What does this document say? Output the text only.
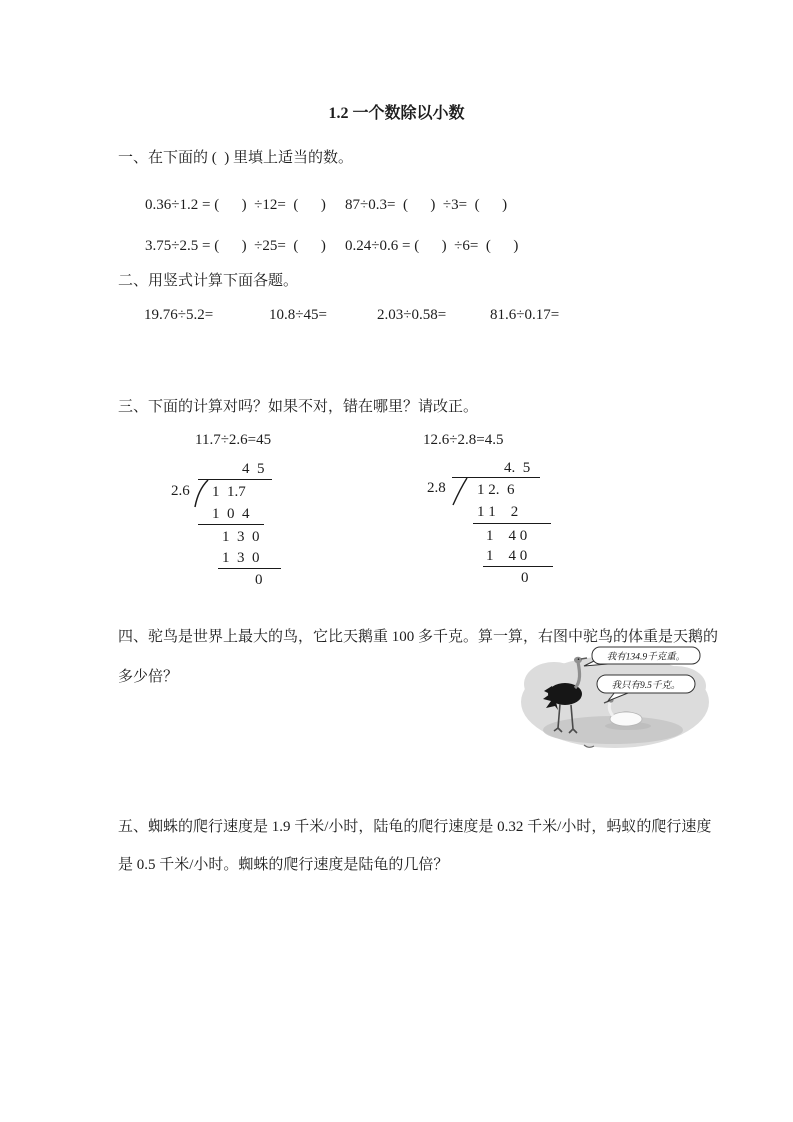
1.2 一个数除以小数
一、在下面的 (  ) 里填上适当的数。
0.36÷1.2 = (      )  ÷12=  (      ) 87÷0.3=  (      )  ÷3=  (      )
3.75÷2.5 = (      )  ÷25=  (      ) 0.24÷0.6 = (      )  ÷6=  (      )
二、用竖式计算下面各题。
19.76÷5.2=	10.8÷45=	2.03÷0.58=	81.6÷0.17=
三、下面的计算对吗？如果不对，错在哪里？请改正。
11.7÷2.6=45	12.6÷2.8=4.5
4  5
2.6 1  1.7
1  0  4
1  3  0
1  3  0
0
4.  5
2.8 1 2.  6
1 1    2
1    4 0
1    4 0
0
四、驼鸟是世界上最大的鸟，它比天鹅重 100 多千克。算一算，右图中驼鸟的体重是天鹅的
多少倍？
我有134.9千克重。
我只有9.5千克。
五、蜘蛛的爬行速度是 1.9 千米/小时，陆龟的爬行速度是 0.32 千米/小时，蚂蚁的爬行速度
是 0.5 千米/小时。蜘蛛的爬行速度是陆龟的几倍？
